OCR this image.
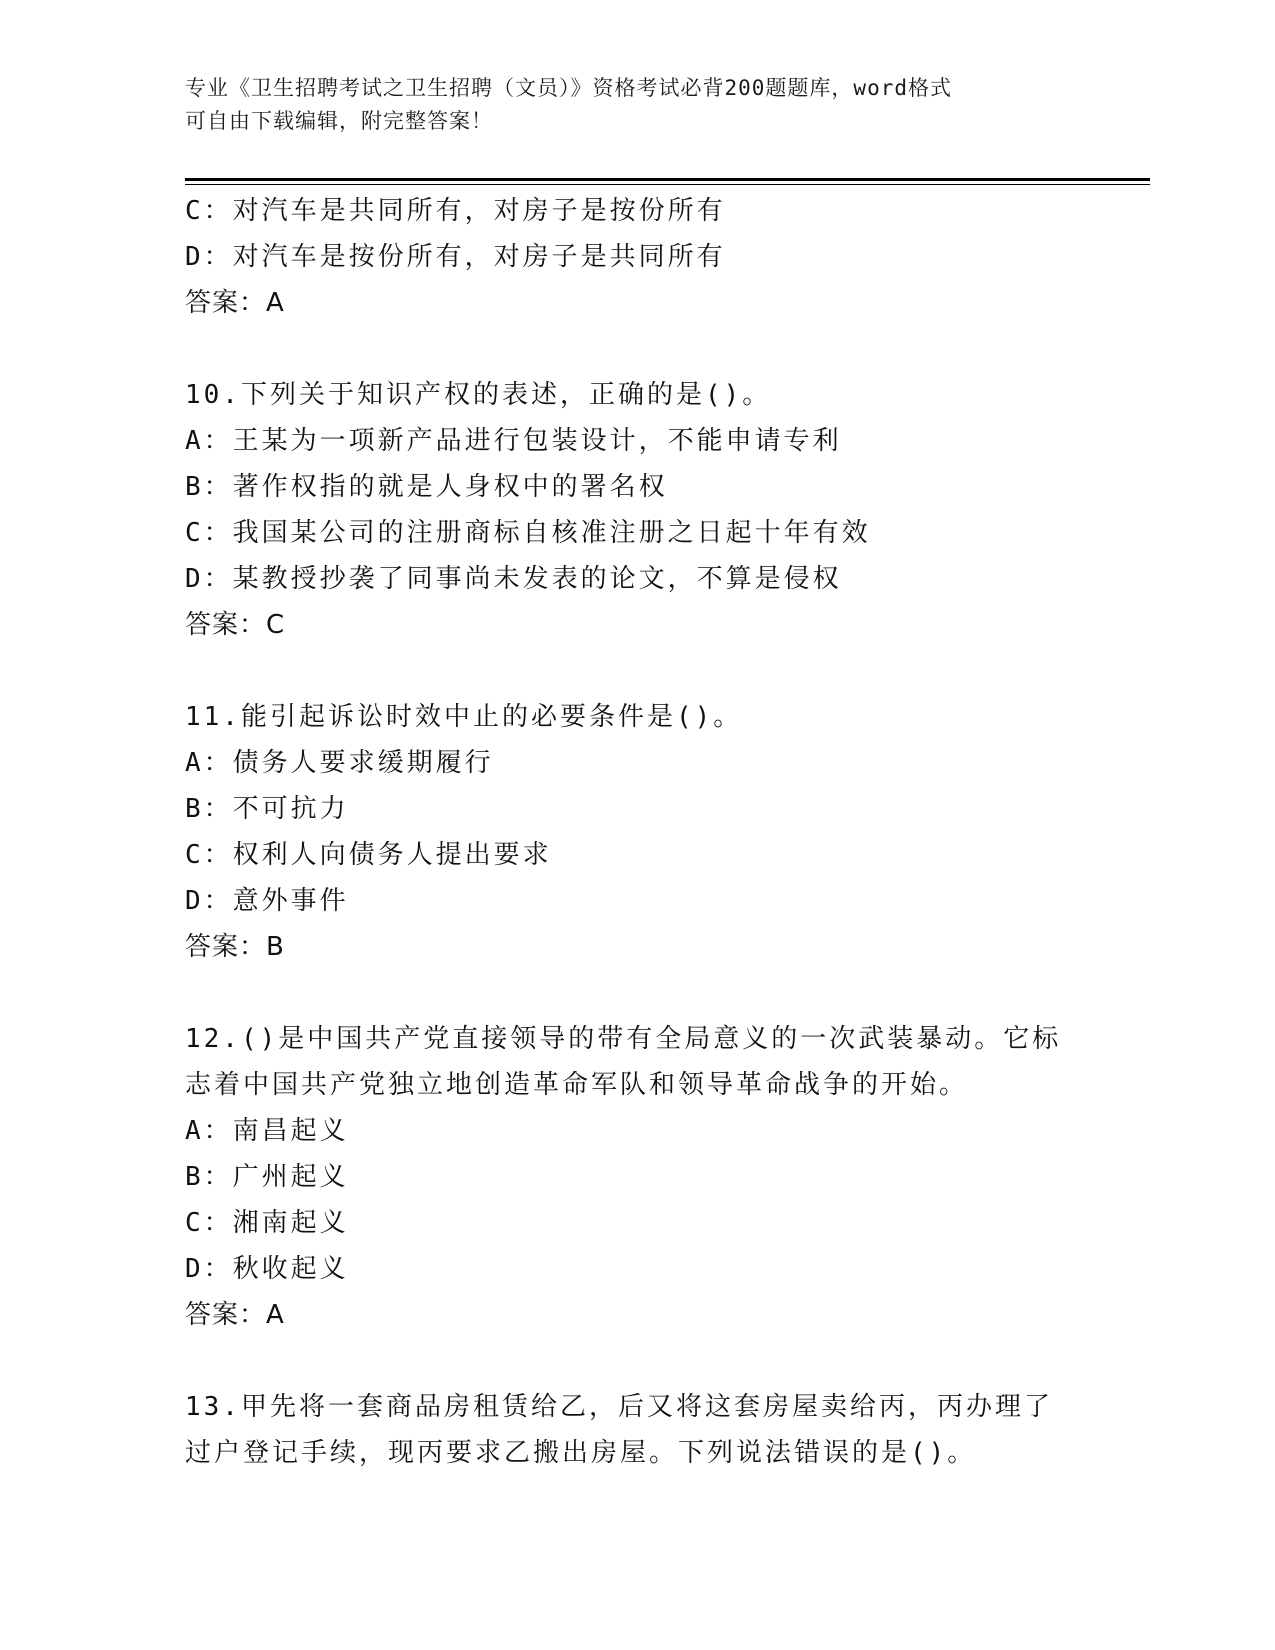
专业《卫生招聘考试之卫生招聘（文员）》资格考试必背200题题库，word格式
可自由下载编辑，附完整答案！
C：对汽车是共同所有，对房子是按份所有
D：对汽车是按份所有，对房子是共同所有
答案：A
10.下列关于知识产权的表述，正确的是()。
A：王某为一项新产品进行包装设计，不能申请专利
B：著作权指的就是人身权中的署名权
C：我国某公司的注册商标自核准注册之日起十年有效
D：某教授抄袭了同事尚未发表的论文，不算是侵权
答案：C
11.能引起诉讼时效中止的必要条件是()。
A：债务人要求缓期履行
B：不可抗力
C：权利人向债务人提出要求
D：意外事件
答案：B
12.()是中国共产党直接领导的带有全局意义的一次武装暴动。它标志着中国共产党独立地创造革命军队和领导革命战争的开始。
A：南昌起义
B：广州起义
C：湘南起义
D：秋收起义
答案：A
13.甲先将一套商品房租赁给乙，后又将这套房屋卖给丙，丙办理了过户登记手续，现丙要求乙搬出房屋。下列说法错误的是()。
